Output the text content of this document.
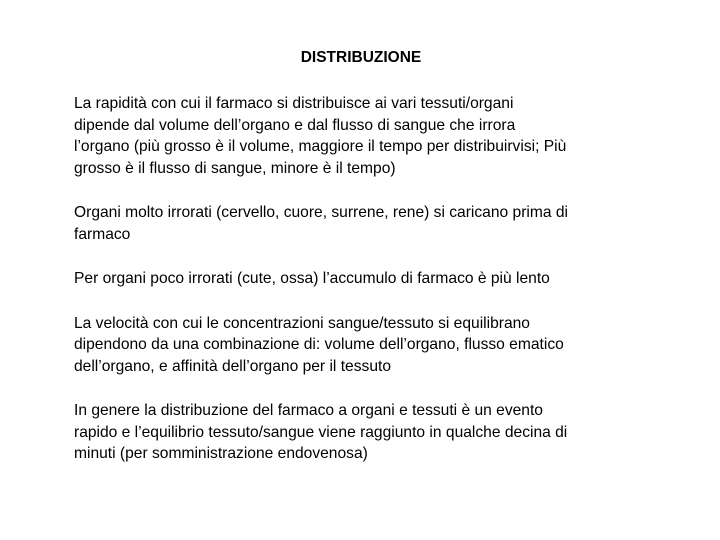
DISTRIBUZIONE
La rapidità con cui il farmaco si distribuisce ai vari tessuti/organi
dipende dal volume dell’organo e dal flusso di sangue che irrora
l’organo (più grosso è il volume, maggiore il tempo per distribuirvisi; Più
grosso è il flusso di sangue, minore è il tempo)
Organi molto irrorati (cervello, cuore, surrene, rene) si caricano prima di
farmaco
Per organi poco irrorati (cute, ossa) l’accumulo di farmaco è più lento
La velocità con cui le concentrazioni sangue/tessuto si equilibrano
dipendono da una combinazione di: volume dell’organo, flusso ematico
dell’organo, e affinità dell’organo per il tessuto
In genere la distribuzione del farmaco a organi e tessuti è un evento
rapido e l’equilibrio tessuto/sangue viene raggiunto in qualche decina di
minuti (per somministrazione endovenosa)
